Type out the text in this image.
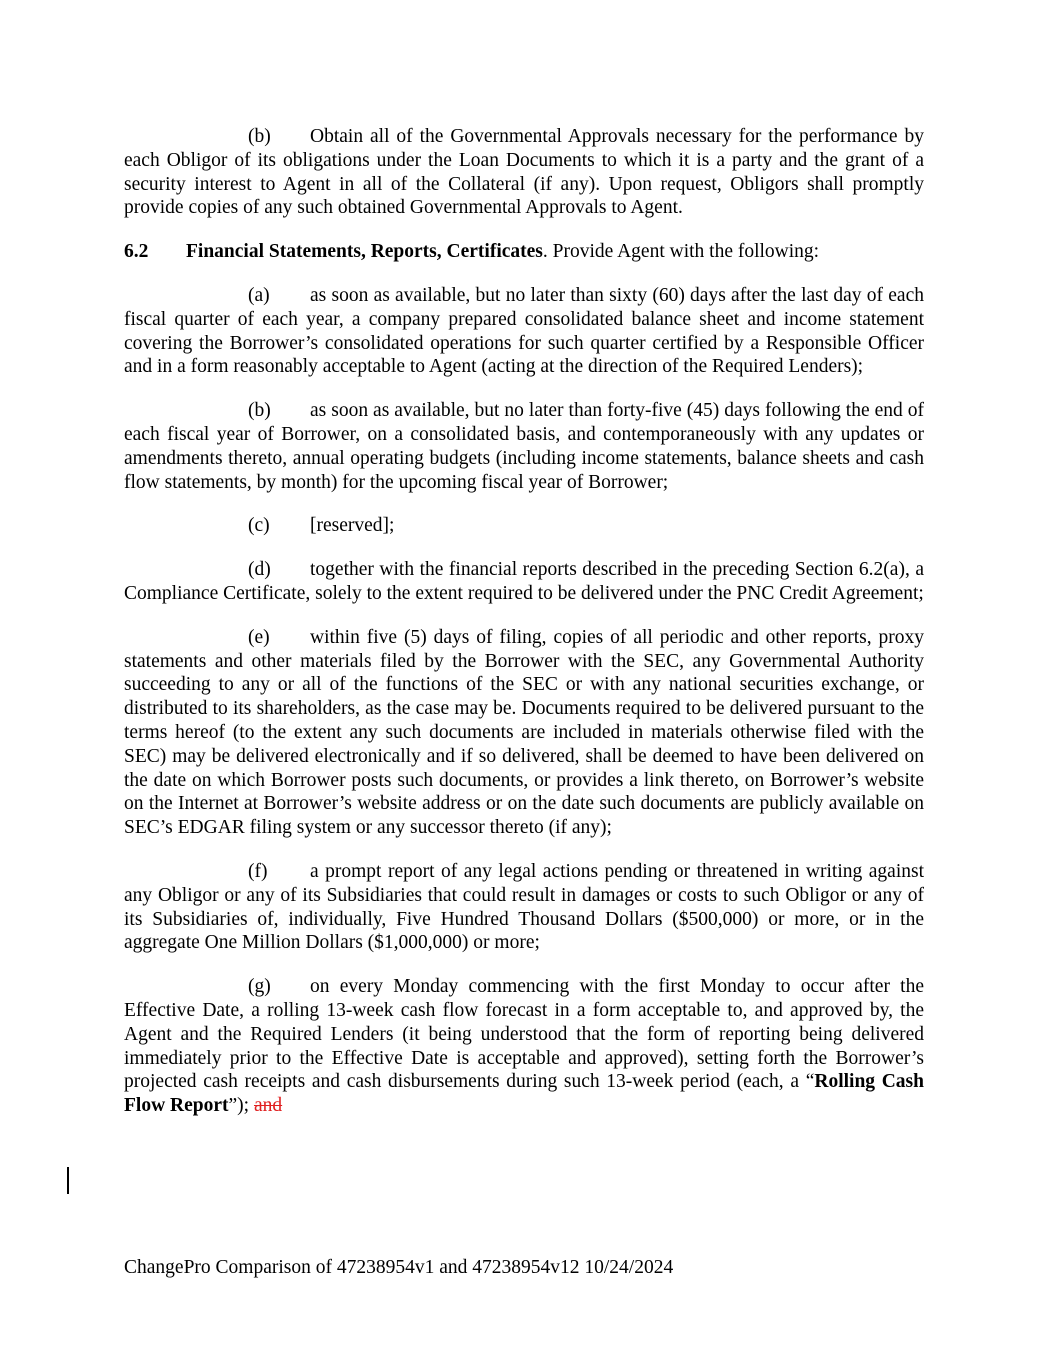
(b) Obtain all of the Governmental Approvals necessary for the performance by each Obligor of its obligations under the Loan Documents to which it is a party and the grant of a security interest to Agent in all of the Collateral (if any). Upon request, Obligors shall promptly provide copies of any such obtained Governmental Approvals to Agent.

6.2 Financial Statements, Reports, Certificates. Provide Agent with the following:

(a) as soon as available, but no later than sixty (60) days after the last day of each fiscal quarter of each year, a company prepared consolidated balance sheet and income statement covering the Borrower’s consolidated operations for such quarter certified by a Responsible Officer and in a form reasonably acceptable to Agent (acting at the direction of the Required Lenders);

(b) as soon as available, but no later than forty-five (45) days following the end of each fiscal year of Borrower, on a consolidated basis, and contemporaneously with any updates or amendments thereto, annual operating budgets (including income statements, balance sheets and cash flow statements, by month) for the upcoming fiscal year of Borrower;

(c) [reserved];

(d) together with the financial reports described in the preceding Section 6.2(a), a Compliance Certificate, solely to the extent required to be delivered under the PNC Credit Agreement;

(e) within five (5) days of filing, copies of all periodic and other reports, proxy statements and other materials filed by the Borrower with the SEC, any Governmental Authority succeeding to any or all of the functions of the SEC or with any national securities exchange, or distributed to its shareholders, as the case may be. Documents required to be delivered pursuant to the terms hereof (to the extent any such documents are included in materials otherwise filed with the SEC) may be delivered electronically and if so delivered, shall be deemed to have been delivered on the date on which Borrower posts such documents, or provides a link thereto, on Borrower’s website on the Internet at Borrower’s website address or on the date such documents are publicly available on SEC’s EDGAR filing system or any successor thereto (if any);

(f) a prompt report of any legal actions pending or threatened in writing against any Obligor or any of its Subsidiaries that could result in damages or costs to such Obligor or any of its Subsidiaries of, individually, Five Hundred Thousand Dollars ($500,000) or more, or in the aggregate One Million Dollars ($1,000,000) or more;

(g) on every Monday commencing with the first Monday to occur after the Effective Date, a rolling 13-week cash flow forecast in a form acceptable to, and approved by, the Agent and the Required Lenders (it being understood that the form of reporting being delivered immediately prior to the Effective Date is acceptable and approved), setting forth the Borrower’s projected cash receipts and cash disbursements during such 13-week period (each, a “Rolling Cash Flow Report”); and

ChangePro Comparison of 47238954v1 and 47238954v12 10/24/2024
